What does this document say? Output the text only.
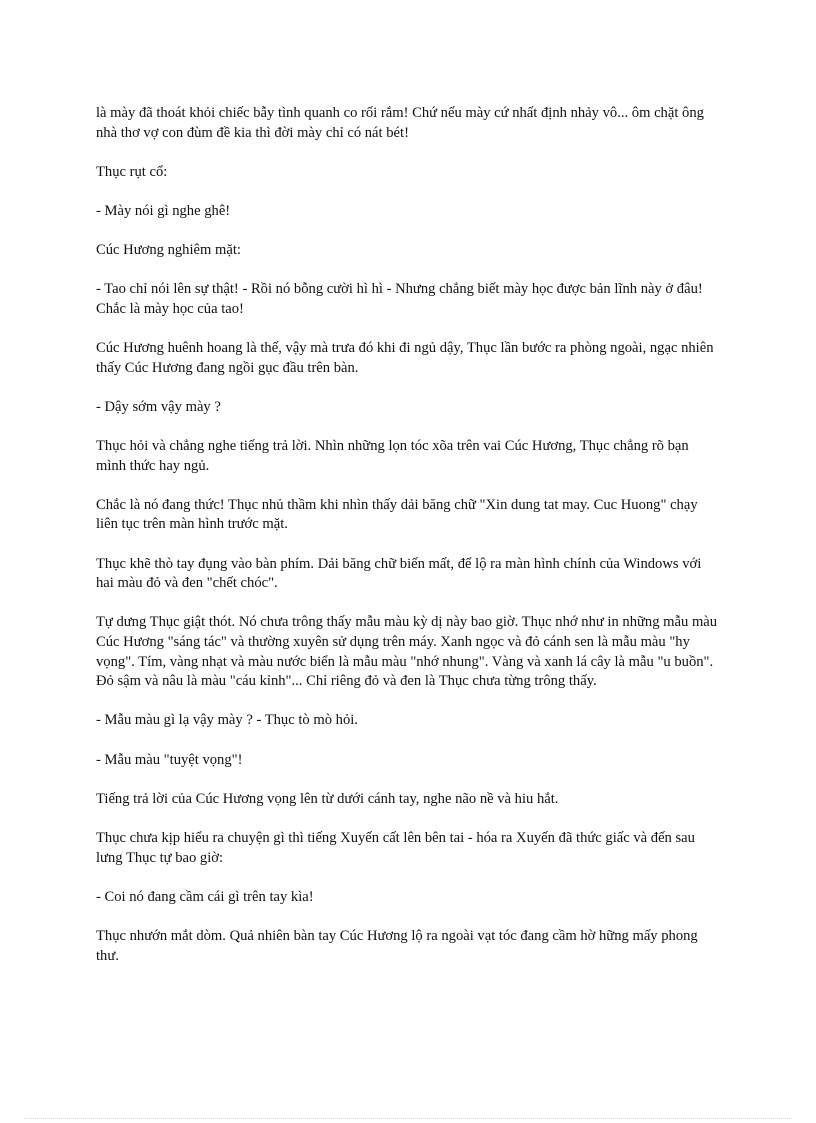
là mày đã thoát khỏi chiếc bẫy tình quanh co rối rắm! Chứ nếu mày cứ nhất định nhảy vô... ôm chặt ông nhà thơ vợ con đùm đề kia thì đời mày chỉ có nát bét!

Thục rụt cổ:

- Mày nói gì nghe ghê!

Cúc Hương nghiêm mặt:

- Tao chỉ nói lên sự thật! - Rồi nó bỗng cười hì hì - Nhưng chẳng biết mày học được bản lĩnh này ở đâu! Chắc là mày học của tao!

Cúc Hương huênh hoang là thế, vậy mà trưa đó khi đi ngủ dậy, Thục lần bước ra phòng ngoài, ngạc nhiên thấy Cúc Hương đang ngồi gục đầu trên bàn.

- Dậy sớm vậy mày ?

Thục hỏi và chẳng nghe tiếng trả lời. Nhìn những lọn tóc xõa trên vai Cúc Hương, Thục chẳng rõ bạn mình thức hay ngủ.

Chắc là nó đang thức! Thục nhủ thầm khi nhìn thấy dải băng chữ "Xin dung tat may. Cuc Huong" chạy liên tục trên màn hình trước mặt.

Thục khẽ thò tay đụng vào bàn phím. Dải băng chữ biến mất, để lộ ra màn hình chính của Windows với hai màu đỏ và đen "chết chóc".

Tự dưng Thục giật thót. Nó chưa trông thấy mẫu màu kỳ dị này bao giờ. Thục nhớ như in những mẫu màu Cúc Hương "sáng tác" và thường xuyên sử dụng trên máy. Xanh ngọc và đỏ cánh sen là mẫu màu "hy vọng". Tím, vàng nhạt và màu nước biển là mẫu màu "nhớ nhung". Vàng và xanh lá cây là mẫu "u buồn". Đỏ sậm và nâu là màu "cáu kỉnh"... Chỉ riêng đỏ và đen là Thục chưa từng trông thấy.

- Mẫu màu gì lạ vậy mày ? - Thục tò mò hỏi.

- Mẫu màu "tuyệt vọng"!

Tiếng trả lời của Cúc Hương vọng lên từ dưới cánh tay, nghe não nề và hiu hắt.

Thục chưa kịp hiểu ra chuyện gì thì tiếng Xuyến cất lên bên tai - hóa ra Xuyến đã thức giấc và đến sau lưng Thục tự bao giờ:

- Coi nó đang cầm cái gì trên tay kìa!

Thục nhướn mắt dòm. Quả nhiên bàn tay Cúc Hương lộ ra ngoài vạt tóc đang cầm hờ hững mấy phong thư.
